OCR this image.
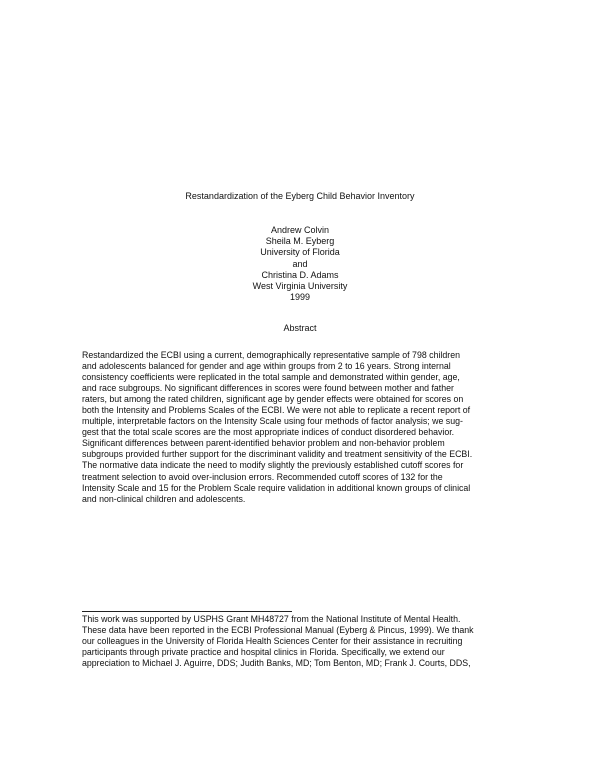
Restandardization of the Eyberg Child Behavior Inventory
Andrew Colvin
Sheila M. Eyberg
University of Florida
and
Christina D. Adams
West Virginia University
1999
Abstract
Restandardized the ECBI using a current, demographically representative sample of 798 children
and adolescents balanced for gender and age within groups from 2 to 16 years. Strong internal
consistency coefficients were replicated in the total sample and demonstrated within gender, age,
and race subgroups. No significant differences in scores were found between mother and father
raters, but among the rated children, significant age by gender effects were obtained for scores on
both the Intensity and Problems Scales of the ECBI. We were not able to replicate a recent report of
multiple, interpretable factors on the Intensity Scale using four methods of factor analysis; we sug-
gest that the total scale scores are the most appropriate indices of conduct disordered behavior.
Significant differences between parent-identified behavior problem and non-behavior problem
subgroups provided further support for the discriminant validity and treatment sensitivity of the ECBI.
The normative data indicate the need to modify slightly the previously established cutoff scores for
treatment selection to avoid over-inclusion errors. Recommended cutoff scores of 132 for the
Intensity Scale and 15 for the Problem Scale require validation in additional known groups of clinical
and non-clinical children and adolescents.
This work was supported by USPHS Grant MH48727 from the National Institute of Mental Health.
These data have been reported in the ECBI Professional Manual (Eyberg & Pincus, 1999). We thank
our colleagues in the University of Florida Health Sciences Center for their assistance in recruiting
participants through private practice and hospital clinics in Florida. Specifically, we extend our
appreciation to Michael J. Aguirre, DDS; Judith Banks, MD; Tom Benton, MD; Frank J. Courts, DDS,
